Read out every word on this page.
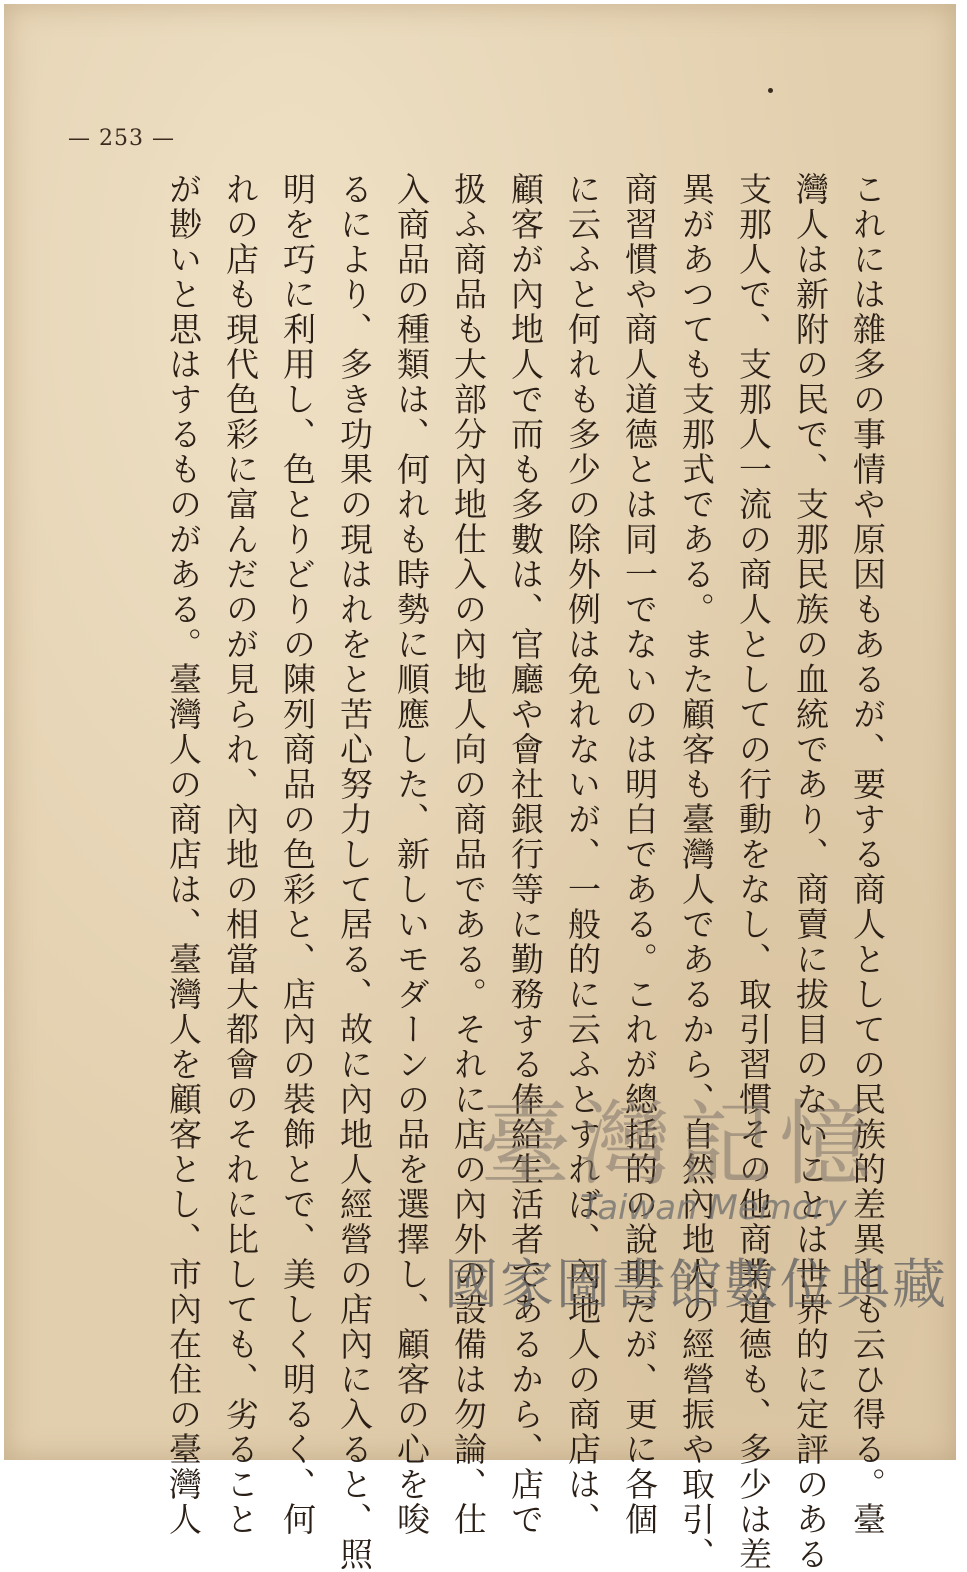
— 253 —
これには雜多の事情や原因もあるが、要する商人としての民族的差異とも云ひ得る。臺
灣人は新附の民で、支那民族の血統であり、商賣に拔目のないことは世界的に定評のある
支那人で、支那人一流の商人としての行動をなし、取引習慣その他商業道德も、多少は差
異があつても支那式である。また顧客も臺灣人であるから、自然內地人の經營振や取引、
商習慣や商人道德とは同一でないのは明白である。これが總括的の說明だが、更に各個
に云ふと何れも多少の除外例は免れないが、一般的に云ふとすれば、內地人の商店は、
顧客が內地人で而も多數は、官廳や會社銀行等に勤務する俸給生活者であるから、店で
扱ふ商品も大部分內地仕入の內地人向の商品である。それに店の內外の設備は勿論、仕
入商品の種類は、何れも時勢に順應した、新しいモダーンの品を選擇し、顧客の心を唆
るにより、多き功果の現はれをと苦心努力して居る、故に內地人經營の店內に入ると、照
明を巧に利用し、色とりどりの陳列商品の色彩と、店內の裝飾とで、美しく明るく、何
れの店も現代色彩に富んだのが見られ、內地の相當大都會のそれに比しても、劣ること
が尠いと思はするものがある。臺灣人の商店は、臺灣人を顧客とし、市內在住の臺灣人	臺灣記憶
Taiwan Memory
國家圖書館數位典藏
